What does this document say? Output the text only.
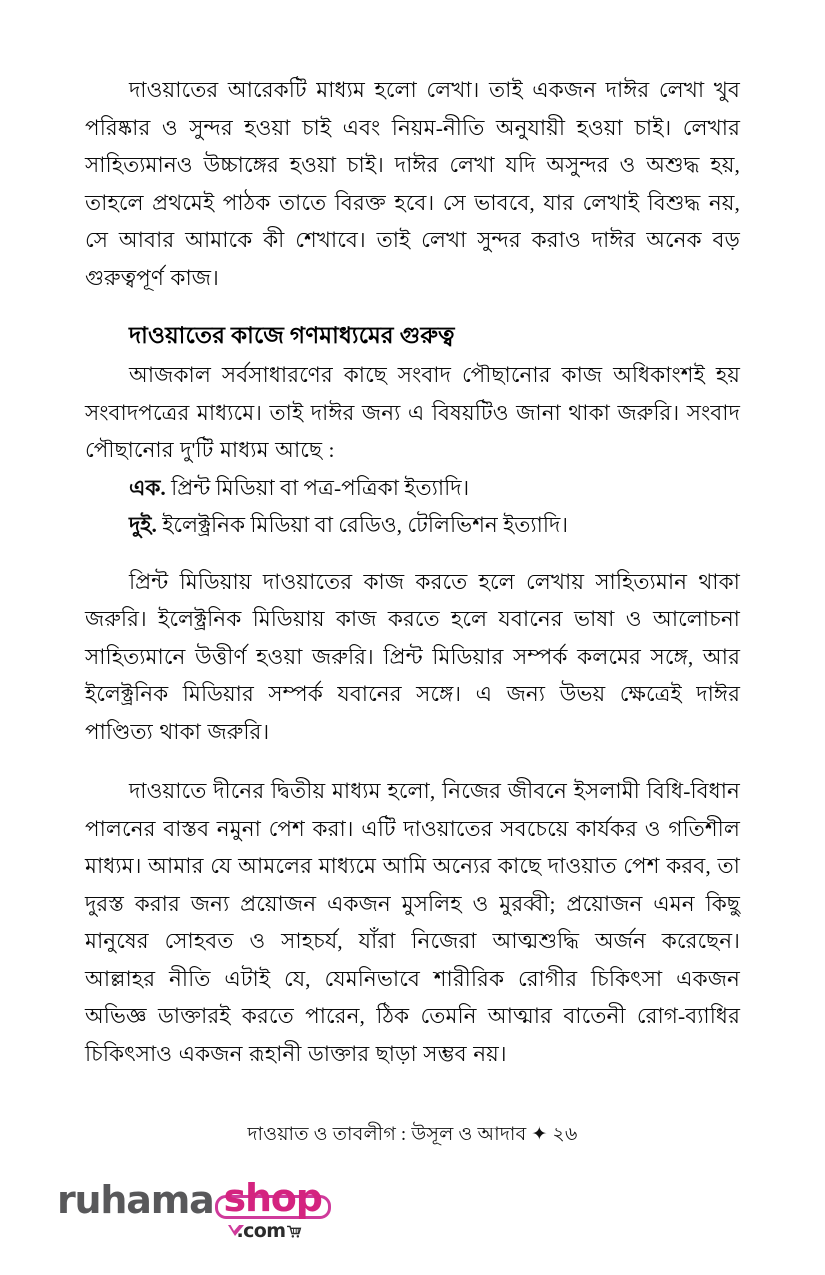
দাওয়াতের আরেকটি মাধ্যম হলো লেখা। তাই একজন দাঈর লেখা খুব পরিষ্কার ও সুন্দর হওয়া চাই এবং নিয়ম-নীতি অনুযায়ী হওয়া চাই। লেখার সাহিত্যমানও উচ্চাঙ্গের হওয়া চাই। দাঈর লেখা যদি অসুন্দর ও অশুদ্ধ হয়, তাহলে প্রথমেই পাঠক তাতে বিরক্ত হবে। সে ভাববে, যার লেখাই বিশুদ্ধ নয়, সে আবার আমাকে কী শেখাবে। তাই লেখা সুন্দর করাও দাঈর অনেক বড় গুরুত্বপূর্ণ কাজ।

দাওয়াতের কাজে গণমাধ্যমের গুরুত্ব

আজকাল সর্বসাধারণের কাছে সংবাদ পৌছানোর কাজ অধিকাংশই হয় সংবাদপত্রের মাধ্যমে। তাই দাঈর জন্য এ বিষয়টিও জানা থাকা জরুরি। সংবাদ পৌছানোর দু'টি মাধ্যম আছে :

এক. প্রিন্ট মিডিয়া বা পত্র-পত্রিকা ইত্যাদি।
দুই. ইলেক্ট্রনিক মিডিয়া বা রেডিও, টেলিভিশন ইত্যাদি।

প্রিন্ট মিডিয়ায় দাওয়াতের কাজ করতে হলে লেখায় সাহিত্যমান থাকা জরুরি। ইলেক্ট্রনিক মিডিয়ায় কাজ করতে হলে যবানের ভাষা ও আলোচনা সাহিত্যমানে উত্তীর্ণ হওয়া জরুরি। প্রিন্ট মিডিয়ার সম্পর্ক কলমের সঙ্গে, আর ইলেক্ট্রনিক মিডিয়ার সম্পর্ক যবানের সঙ্গে। এ জন্য উভয় ক্ষেত্রেই দাঈর পাণ্ডিত্য থাকা জরুরি।

দাওয়াতে দীনের দ্বিতীয় মাধ্যম হলো, নিজের জীবনে ইসলামী বিধি-বিধান পালনের বাস্তব নমুনা পেশ করা। এটি দাওয়াতের সবচেয়ে কার্যকর ও গতিশীল মাধ্যম। আমার যে আমলের মাধ্যমে আমি অন্যের কাছে দাওয়াত পেশ করব, তা দুরস্ত করার জন্য প্রয়োজন একজন মুসলিহ ও মুরব্বী; প্রয়োজন এমন কিছু মানুষের সোহবত ও সাহচর্য, যাঁরা নিজেরা আত্মশুদ্ধি অর্জন করেছেন। আল্লাহর নীতি এটাই যে, যেমনিভাবে শারীরিক রোগীর চিকিৎসা একজন অভিজ্ঞ ডাক্তারই করতে পারেন, ঠিক তেমনি আত্মার বাতেনী রোগ-ব্যাধির চিকিৎসাও একজন রূহানী ডাক্তার ছাড়া সম্ভব নয়।

দাওয়াত ও তাবলীগ : উসূল ও আদাব ✦ ২৬
ruhama shop
.com
